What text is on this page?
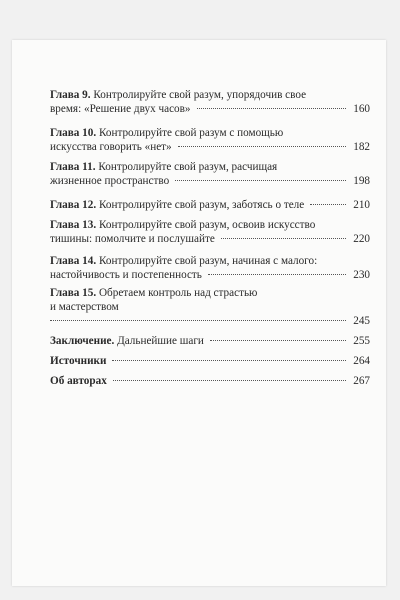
Глава 9. Контролируйте свой разум, упорядочив свое
время: «Решение двух часов»	160
Глава 10. Контролируйте свой разум с помощью
искусства говорить «нет»	182
Глава 11. Контролируйте свой разум, расчищая
жизненное пространство	198
Глава 12. Контролируйте свой разум, заботясь о теле	210
Глава 13. Контролируйте свой разум, освоив искусство
тишины: помолчите и послушайте	220
Глава 14. Контролируйте свой разум, начиная с малого:
настойчивость и постепенность	230
Глава 15. Обретаем контроль над страстью
и мастерством
245
Заключение. Дальнейшие шаги	255
Источники	264
Об авторах	267
